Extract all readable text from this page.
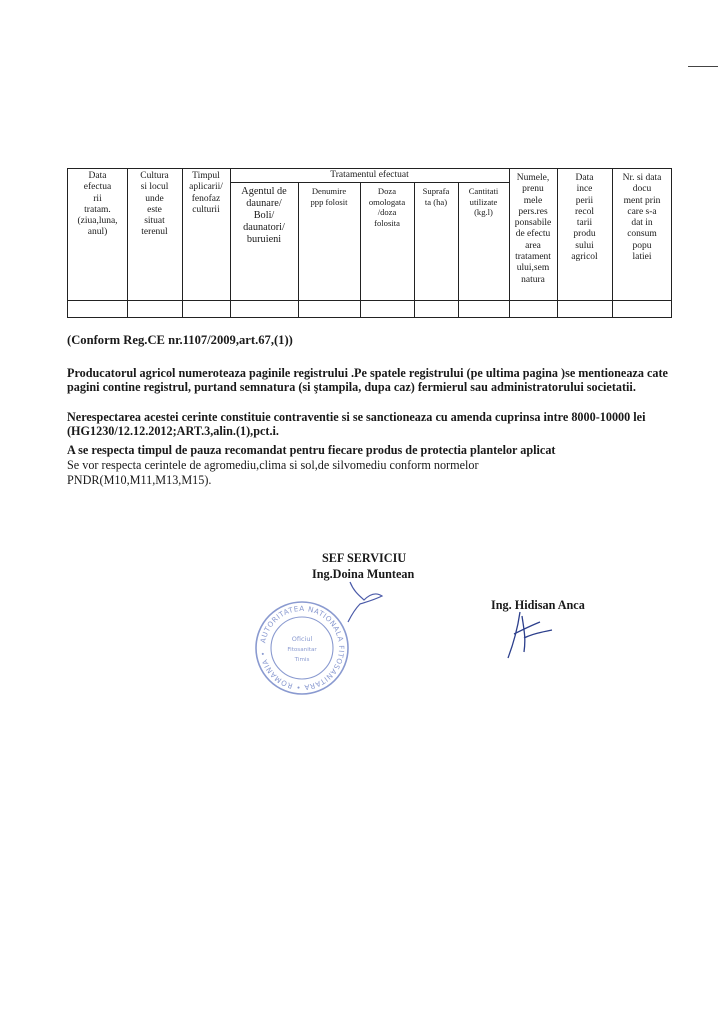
Data
efectua
rii
tratam.
(ziua,luna,
anul)
Cultura
si locul
unde
este
situat
terenul
Timpul
aplicarii/
fenofaz
culturii
Tratamentul efectuat
Agentul de
daunare/
Boli/
daunatori/
buruieni
Denumire
ppp folosit
Doza
omologata
/doza
folosita
Suprafa
ta (ha)
Cantitati
utilizate
(kg.l)
Numele,
prenu
mele
pers.res
ponsabile
de efectu
area
tratament
ului,sem
natura
Data
ince
perii
recol
tarii
produ
sului
agricol
Nr. si data
docu
ment prin
care s-a
dat in
consum
popu
latiei
(Conform Reg.CE nr.1107/2009,art.67,(1))
Producatorul agricol numeroteaza paginile registrului .Pe spatele registrului (pe ultima pagina )se mentioneaza cate pagini contine registrul, purtand semnatura (si ştampila, dupa caz) fermierul sau administratorului societatii.
Nerespectarea acestei cerinte constituie contraventie si se sanctioneaza cu amenda cuprinsa intre 8000-10000 lei (HG1230/12.12.2012;ART.3,alin.(1),pct.i.
A se respecta timpul de pauza recomandat pentru fiecare produs de protectia plantelor aplicat
Se vor respecta cerintele de agromediu,clima si sol,de silvomediu conform normelor
PNDR(M10,M11,M13,M15).
SEF SERVICIU
Ing.Doina Muntean
Ing. Hidisan Anca
AUTORITATEA NATIONALA FITOSANITARA • ROMANIA •
Oficiul
Fitosanitar
Timis
